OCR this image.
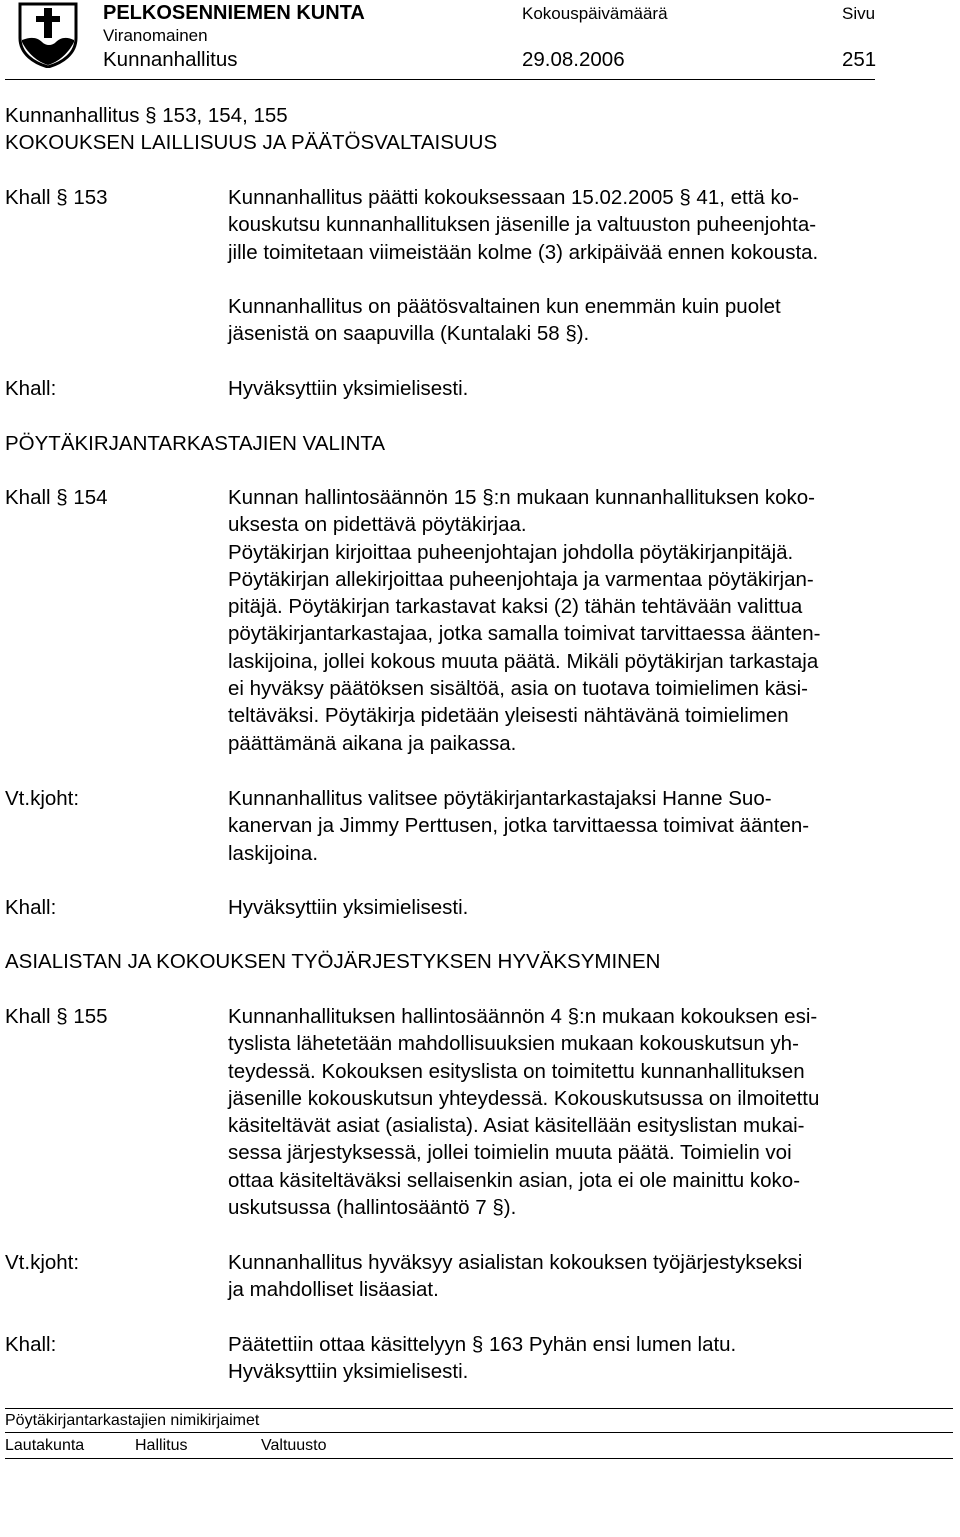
PELKOSENNIEMEN KUNTA
Viranomainen
Kunnanhallitus
Kokouspäivämäärä
29.08.2006
Sivu
251
Kunnanhallitus § 153, 154, 155
KOKOUKSEN LAILLISUUS JA PÄÄTÖSVALTAISUUS
Khall § 153	Kunnanhallitus päätti kokouksessaan 15.02.2005 § 41, että ko-
kouskutsu kunnanhallituksen jäsenille ja valtuuston puheenjohta-
jille toimitetaan viimeistään kolme (3) arkipäivää ennen kokousta.
Kunnanhallitus on päätösvaltainen kun enemmän kuin puolet
jäsenistä on saapuvilla (Kuntalaki 58 §).
Khall:	Hyväksyttiin yksimielisesti.
PÖYTÄKIRJANTARKASTAJIEN VALINTA
Khall § 154	Kunnan hallintosäännön 15 §:n mukaan kunnanhallituksen koko-
uksesta on pidettävä pöytäkirjaa.
Pöytäkirjan kirjoittaa puheenjohtajan johdolla pöytäkirjanpitäjä.
Pöytäkirjan allekirjoittaa puheenjohtaja ja varmentaa pöytäkirjan-
pitäjä. Pöytäkirjan tarkastavat kaksi (2) tähän tehtävään valittua
pöytäkirjantarkastajaa, jotka samalla toimivat tarvittaessa äänten-
laskijoina, jollei kokous muuta päätä. Mikäli pöytäkirjan tarkastaja
ei hyväksy päätöksen sisältöä, asia on tuotava toimielimen käsi-
teltäväksi. Pöytäkirja pidetään yleisesti nähtävänä toimielimen
päättämänä aikana ja paikassa.
Vt.kjoht:	Kunnanhallitus valitsee pöytäkirjantarkastajaksi Hanne Suo-
kanervan ja Jimmy Perttusen, jotka tarvittaessa toimivat äänten-
laskijoina.
Khall:	Hyväksyttiin yksimielisesti.
ASIALISTAN JA KOKOUKSEN TYÖJÄRJESTYKSEN HYVÄKSYMINEN
Khall § 155	Kunnanhallituksen hallintosäännön 4 §:n mukaan kokouksen esi-
tyslista lähetetään mahdollisuuksien mukaan kokouskutsun yh-
teydessä. Kokouksen esityslista on toimitettu kunnanhallituksen
jäsenille kokouskutsun yhteydessä. Kokouskutsussa on ilmoitettu
käsiteltävät asiat (asialista). Asiat käsitellään esityslistan mukai-
sessa järjestyksessä, jollei toimielin muuta päätä. Toimielin voi
ottaa käsiteltäväksi sellaisenkin asian, jota ei ole mainittu koko-
uskutsussa (hallintosääntö 7 §).
Vt.kjoht:	Kunnanhallitus hyväksyy asialistan kokouksen työjärjestykseksi
ja mahdolliset lisäasiat.
Khall:	Päätettiin ottaa käsittelyyn § 163 Pyhän ensi lumen latu.
Hyväksyttiin yksimielisesti.
Pöytäkirjantarkastajien nimikirjaimet
Lautakunta	Hallitus	Valtuusto
